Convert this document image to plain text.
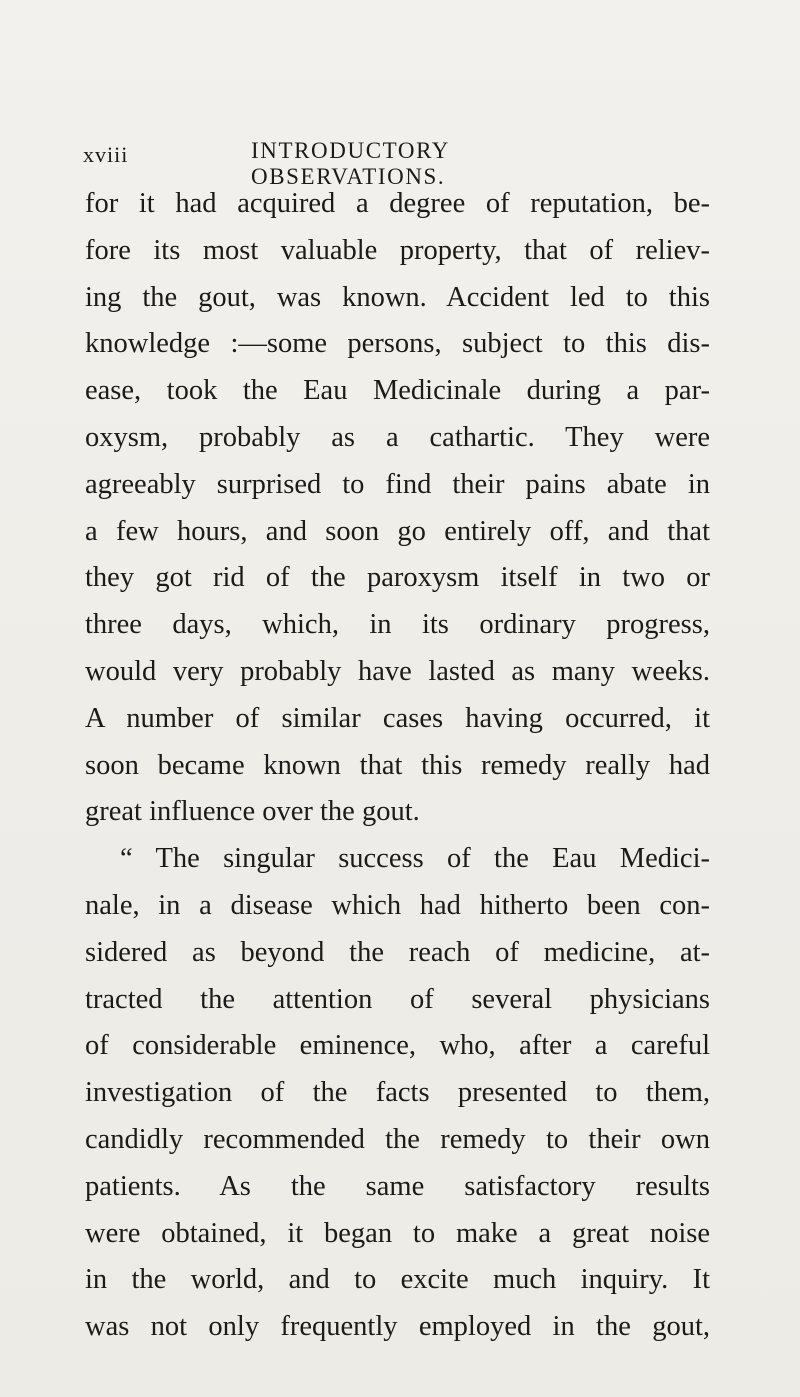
xviii	INTRODUCTORY OBSERVATIONS.
for it had acquired a degree of reputation, be-
fore its most valuable property, that of reliev-
ing the gout, was known. Accident led to this
knowledge :—some persons, subject to this dis-
ease, took the Eau Medicinale during a par-
oxysm, probably as a cathartic. They were
agreeably surprised to find their pains abate in
a few hours, and soon go entirely off, and that
they got rid of the paroxysm itself in two or
three days, which, in its ordinary progress,
would very probably have lasted as many weeks.
A number of similar cases having occurred, it
soon became known that this remedy really had
great influence over the gout.
“ The singular success of the Eau Medici-
nale, in a disease which had hitherto been con-
sidered as beyond the reach of medicine, at-
tracted the attention of several physicians
of considerable eminence, who, after a careful
investigation of the facts presented to them,
candidly recommended the remedy to their own
patients. As the same satisfactory results
were obtained, it began to make a great noise
in the world, and to excite much inquiry. It
was not only frequently employed in the gout,
